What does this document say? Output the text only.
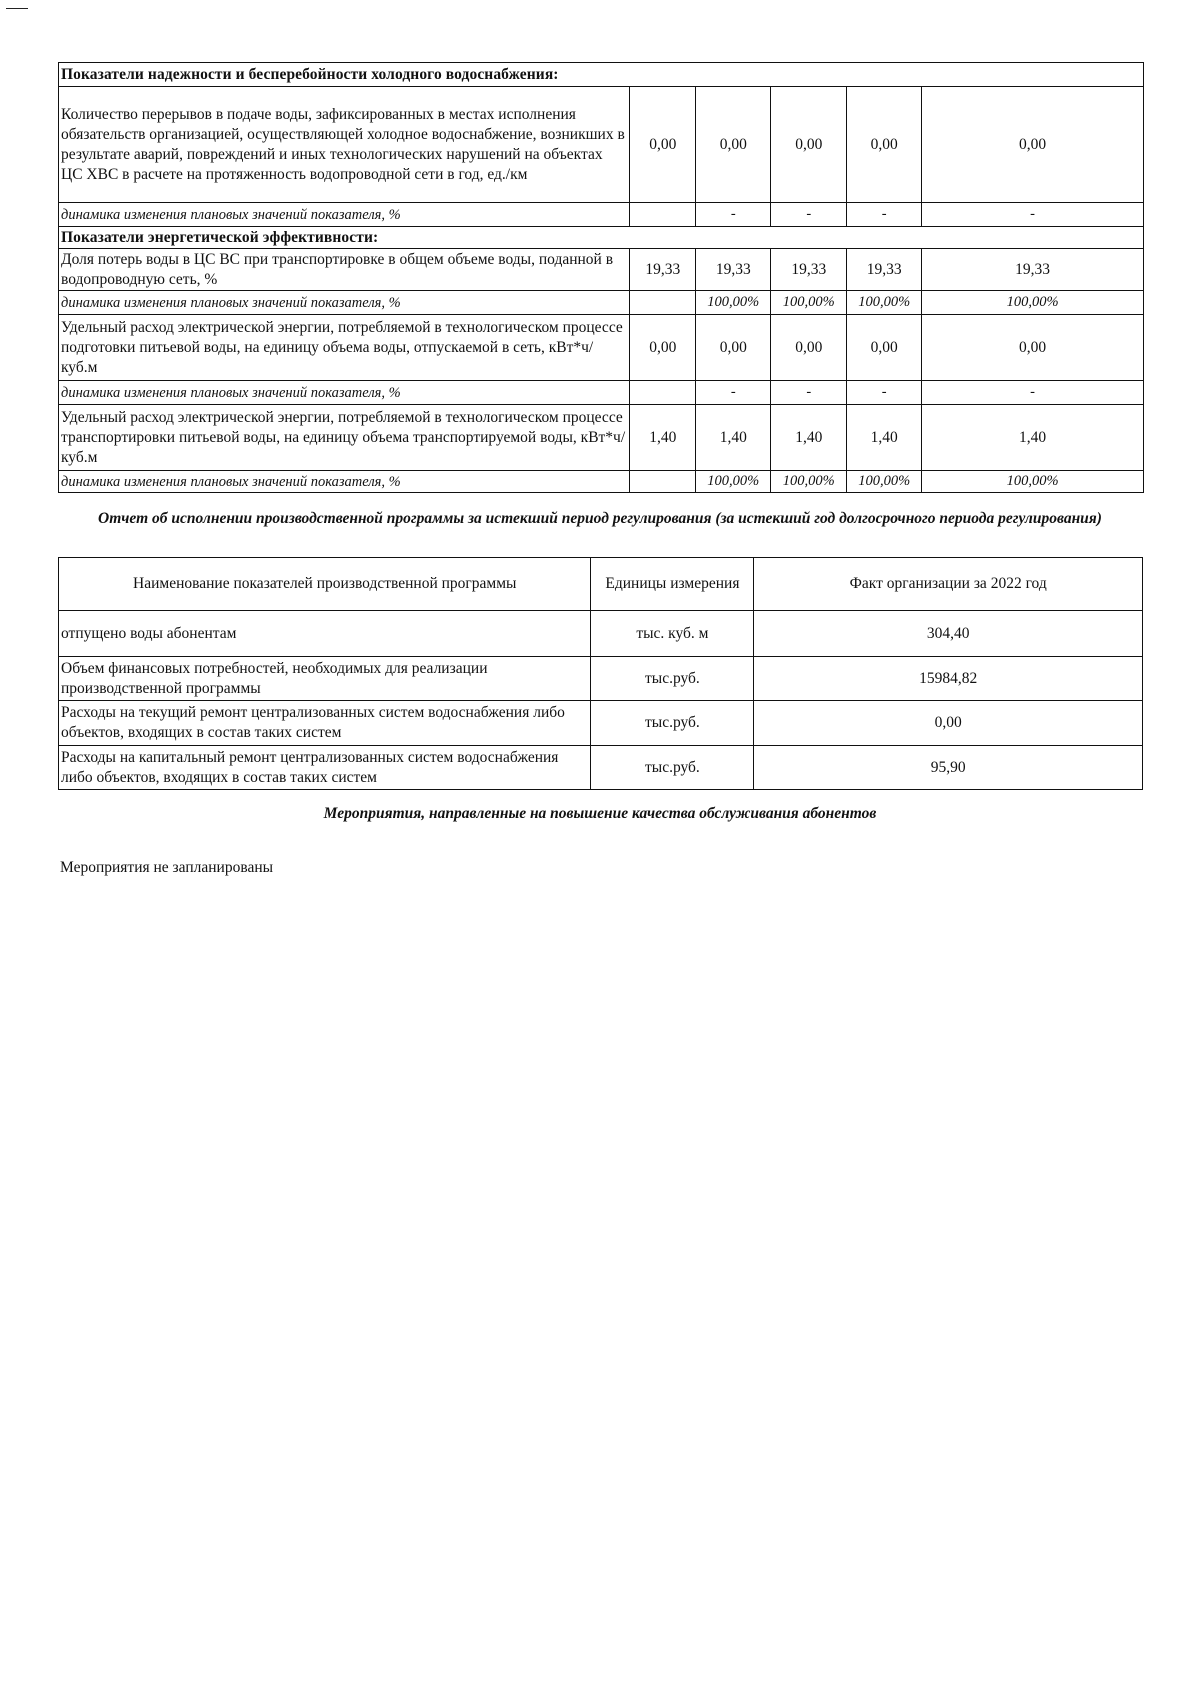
Показатели надежности и бесперебойности холодного водоснабжения:					
Количество перерывов в подаче воды, зафиксированных в местах исполнения обязательств организацией, осуществляющей холодное водоснабжение, возникших в результате аварий, повреждений и иных технологических нарушений на объектах ЦС ХВС в расчете на протяженность водопроводной сети в год, ед./км	0,00	0,00	0,00	0,00	0,00
динамика изменения плановых значений показателя, %		-	-	-	-
Показатели энергетической эффективности:					
Доля потерь воды в ЦС ВС при транспортировке в общем объеме воды, поданной в водопроводную сеть, %	19,33	19,33	19,33	19,33	19,33
динамика изменения плановых значений показателя, %		100,00%	100,00%	100,00%	100,00%
Удельный расход электрической энергии, потребляемой в технологическом процессе подготовки питьевой воды, на единицу объема воды, отпускаемой в сеть, кВт*ч/ куб.м	0,00	0,00	0,00	0,00	0,00
динамика изменения плановых значений показателя, %		-	-	-	-
Удельный расход электрической энергии, потребляемой в технологическом процессе транспортировки питьевой воды, на единицу объема транспортируемой воды, кВт*ч/ куб.м	1,40	1,40	1,40	1,40	1,40
динамика изменения плановых значений показателя, %		100,00%	100,00%	100,00%	100,00%
Отчет об исполнении производственной программы за истекший период регулирования (за истекший год долгосрочного периода регулирования)
Наименование показателей производственной программы	Единицы измерения	Факт организации за 2022 год
отпущено воды абонентам	тыс. куб. м	304,40
Объем финансовых потребностей, необходимых для реализации производственной программы	тыс.руб.	15984,82
Расходы на текущий ремонт централизованных систем водоснабжения либо объектов, входящих в состав таких систем	тыс.руб.	0,00
Расходы на капитальный ремонт централизованных систем водоснабжения либо объектов, входящих в состав таких систем	тыс.руб.	95,90
Мероприятия, направленные на повышение качества обслуживания абонентов
Мероприятия не запланированы
